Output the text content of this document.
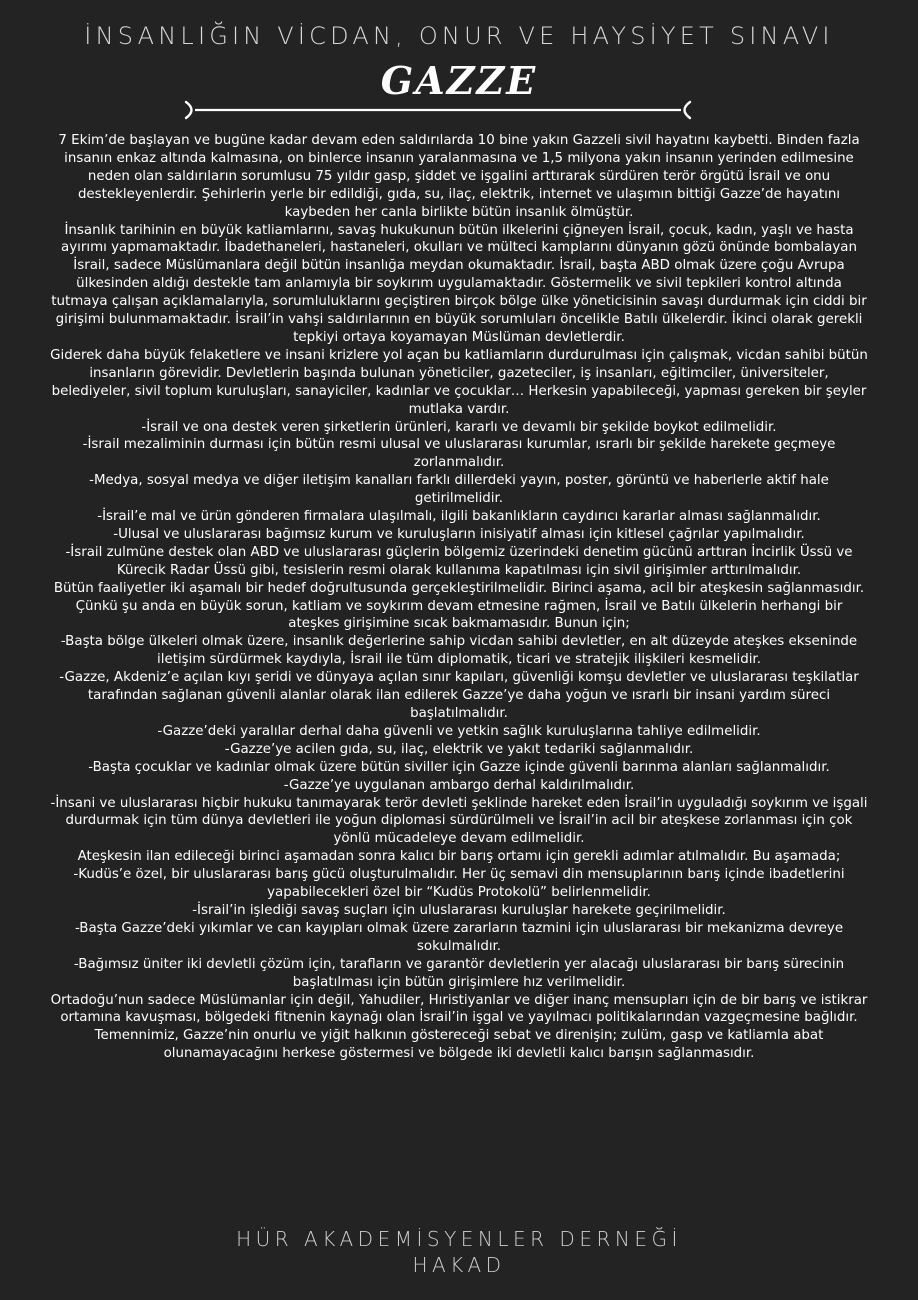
İNSANLIĞIN VİCDAN, ONUR VE HAYSİYET SINAVI
GAZZE

7 Ekim’de başlayan ve bugüne kadar devam eden saldırılarda 10 bine yakın Gazzeli sivil hayatını kaybetti. Binden fazla insanın enkaz altında kalmasına, on binlerce insanın yaralanmasına ve 1,5 milyona yakın insanın yerinden edilmesine neden olan saldırıların sorumlusu 75 yıldır gasp, şiddet ve işgalini arttırarak sürdüren terör örgütü İsrail ve onu destekleyenlerdir. Şehirlerin yerle bir edildiği, gıda, su, ilaç, elektrik, internet ve ulaşımın bittiği Gazze’de hayatını kaybeden her canla birlikte bütün insanlık ölmüştür.

İnsanlık tarihinin en büyük katliamlarını, savaş hukukunun bütün ilkelerini çiğneyen İsrail, çocuk, kadın, yaşlı ve hasta ayırımı yapmamaktadır. İbadethaneleri, hastaneleri, okulları ve mülteci kamplarını dünyanın gözü önünde bombalayan İsrail, sadece Müslümanlara değil bütün insanlığa meydan okumaktadır. İsrail, başta ABD olmak üzere çoğu Avrupa ülkesinden aldığı destekle tam anlamıyla bir soykırım uygulamaktadır. Göstermelik ve sivil tepkileri kontrol altında tutmaya çalışan açıklamalarıyla, sorumluluklarını geçiştiren birçok bölge ülke yöneticisinin savaşı durdurmak için ciddi bir girişimi bulunmamaktadır. İsrail’in vahşi saldırılarının en büyük sorumluları öncelikle Batılı ülkelerdir. İkinci olarak gerekli tepkiyi ortaya koyamayan Müslüman devletlerdir.

Giderek daha büyük felaketlere ve insani krizlere yol açan bu katliamların durdurulması için çalışmak, vicdan sahibi bütün insanların görevidir. Devletlerin başında bulunan yöneticiler, gazeteciler, iş insanları, eğitimciler, üniversiteler, belediyeler, sivil toplum kuruluşları, sanayiciler, kadınlar ve çocuklar… Herkesin yapabileceği, yapması gereken bir şeyler mutlaka vardır.

-İsrail ve ona destek veren şirketlerin ürünleri, kararlı ve devamlı bir şekilde boykot edilmelidir.

-İsrail mezaliminin durması için bütün resmi ulusal ve uluslararası kurumlar, ısrarlı bir şekilde harekete geçmeye zorlanmalıdır.

-Medya, sosyal medya ve diğer iletişim kanalları farklı dillerdeki yayın, poster, görüntü ve haberlerle aktif hale getirilmelidir.

-İsrail’e mal ve ürün gönderen firmalara ulaşılmalı, ilgili bakanlıkların caydırıcı kararlar alması sağlanmalıdır.

-Ulusal ve uluslararası bağımsız kurum ve kuruluşların inisiyatif alması için kitlesel çağrılar yapılmalıdır.

-İsrail zulmüne destek olan ABD ve uluslararası güçlerin bölgemiz üzerindeki denetim gücünü arttıran İncirlik Üssü ve Kürecik Radar Üssü gibi, tesislerin resmi olarak kullanıma kapatılması için sivil girişimler arttırılmalıdır.

Bütün faaliyetler iki aşamalı bir hedef doğrultusunda gerçekleştirilmelidir. Birinci aşama, acil bir ateşkesin sağlanmasıdır. Çünkü şu anda en büyük sorun, katliam ve soykırım devam etmesine rağmen, İsrail ve Batılı ülkelerin herhangi bir ateşkes girişimine sıcak bakmamasıdır. Bunun için;

-Başta bölge ülkeleri olmak üzere, insanlık değerlerine sahip vicdan sahibi devletler, en alt düzeyde ateşkes ekseninde iletişim sürdürmek kaydıyla, İsrail ile tüm diplomatik, ticari ve stratejik ilişkileri kesmelidir.

-Gazze, Akdeniz’e açılan kıyı şeridi ve dünyaya açılan sınır kapıları, güvenliği komşu devletler ve uluslararası teşkilatlar tarafından sağlanan güvenli alanlar olarak ilan edilerek Gazze’ye daha yoğun ve ısrarlı bir insani yardım süreci başlatılmalıdır.

-Gazze’deki yaralılar derhal daha güvenli ve yetkin sağlık kuruluşlarına tahliye edilmelidir.

-Gazze’ye acilen gıda, su, ilaç, elektrik ve yakıt tedariki sağlanmalıdır.

-Başta çocuklar ve kadınlar olmak üzere bütün siviller için Gazze içinde güvenli barınma alanları sağlanmalıdır.

-Gazze’ye uygulanan ambargo derhal kaldırılmalıdır.

-İnsani ve uluslararası hiçbir hukuku tanımayarak terör devleti şeklinde hareket eden İsrail’in uyguladığı soykırım ve işgali durdurmak için tüm dünya devletleri ile yoğun diplomasi sürdürülmeli ve İsrail’in acil bir ateşkese zorlanması için çok yönlü mücadeleye devam edilmelidir.

Ateşkesin ilan edileceği birinci aşamadan sonra kalıcı bir barış ortamı için gerekli adımlar atılmalıdır. Bu aşamada;

-Kudüs’e özel, bir uluslararası barış gücü oluşturulmalıdır. Her üç semavi din mensuplarının barış içinde ibadetlerini yapabilecekleri özel bir “Kudüs Protokolü” belirlenmelidir.

-İsrail’in işlediği savaş suçları için uluslararası kuruluşlar harekete geçirilmelidir.

-Başta Gazze’deki yıkımlar ve can kayıpları olmak üzere zararların tazmini için uluslararası bir mekanizma devreye sokulmalıdır.

-Bağımsız üniter iki devletli çözüm için, tarafların ve garantör devletlerin yer alacağı uluslararası bir barış sürecinin başlatılması için bütün girişimlere hız verilmelidir.

Ortadoğu’nun sadece Müslümanlar için değil, Yahudiler, Hıristiyanlar ve diğer inanç mensupları için de bir barış ve istikrar ortamına kavuşması, bölgedeki fitnenin kaynağı olan İsrail’in işgal ve yayılmacı politikalarından vazgeçmesine bağlıdır. Temennimiz, Gazze’nin onurlu ve yiğit halkının göstereceği sebat ve direnişin; zulüm, gasp ve katliamla abat olunamayacağını herkese göstermesi ve bölgede iki devletli kalıcı barışın sağlanmasıdır.

HÜR AKADEMİSYENLER DERNEĞİ
HAKAD
